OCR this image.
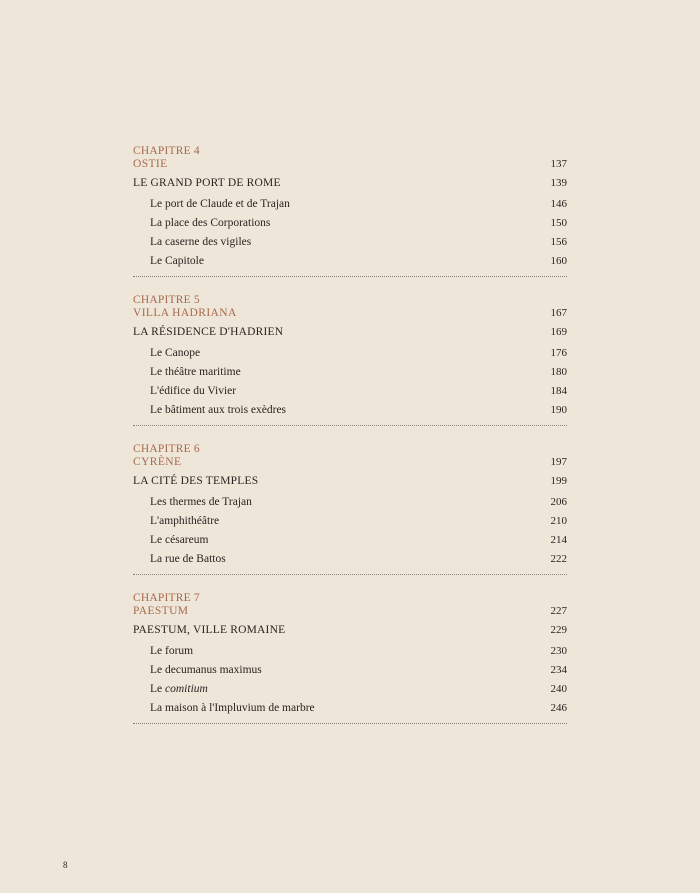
CHAPITRE 4
OSTIE	137
LE GRAND PORT DE ROME	139
Le port de Claude et de Trajan	146
La place des Corporations	150
La caserne des vigiles	156
Le Capitole	160
CHAPITRE 5
VILLA HADRIANA	167
LA RÉSIDENCE D'HADRIEN	169
Le Canope	176
Le théâtre maritime	180
L'édifice du Vivier	184
Le bâtiment aux trois exèdres	190
CHAPITRE 6
CYRÈNE	197
LA CITÉ DES TEMPLES	199
Les thermes de Trajan	206
L'amphithéâtre	210
Le césareum	214
La rue de Battos	222
CHAPITRE 7
PAESTUM	227
PAESTUM, VILLE ROMAINE	229
Le forum	230
Le decumanus maximus	234
Le comitium	240
La maison à l'Impluvium de marbre	246
8
